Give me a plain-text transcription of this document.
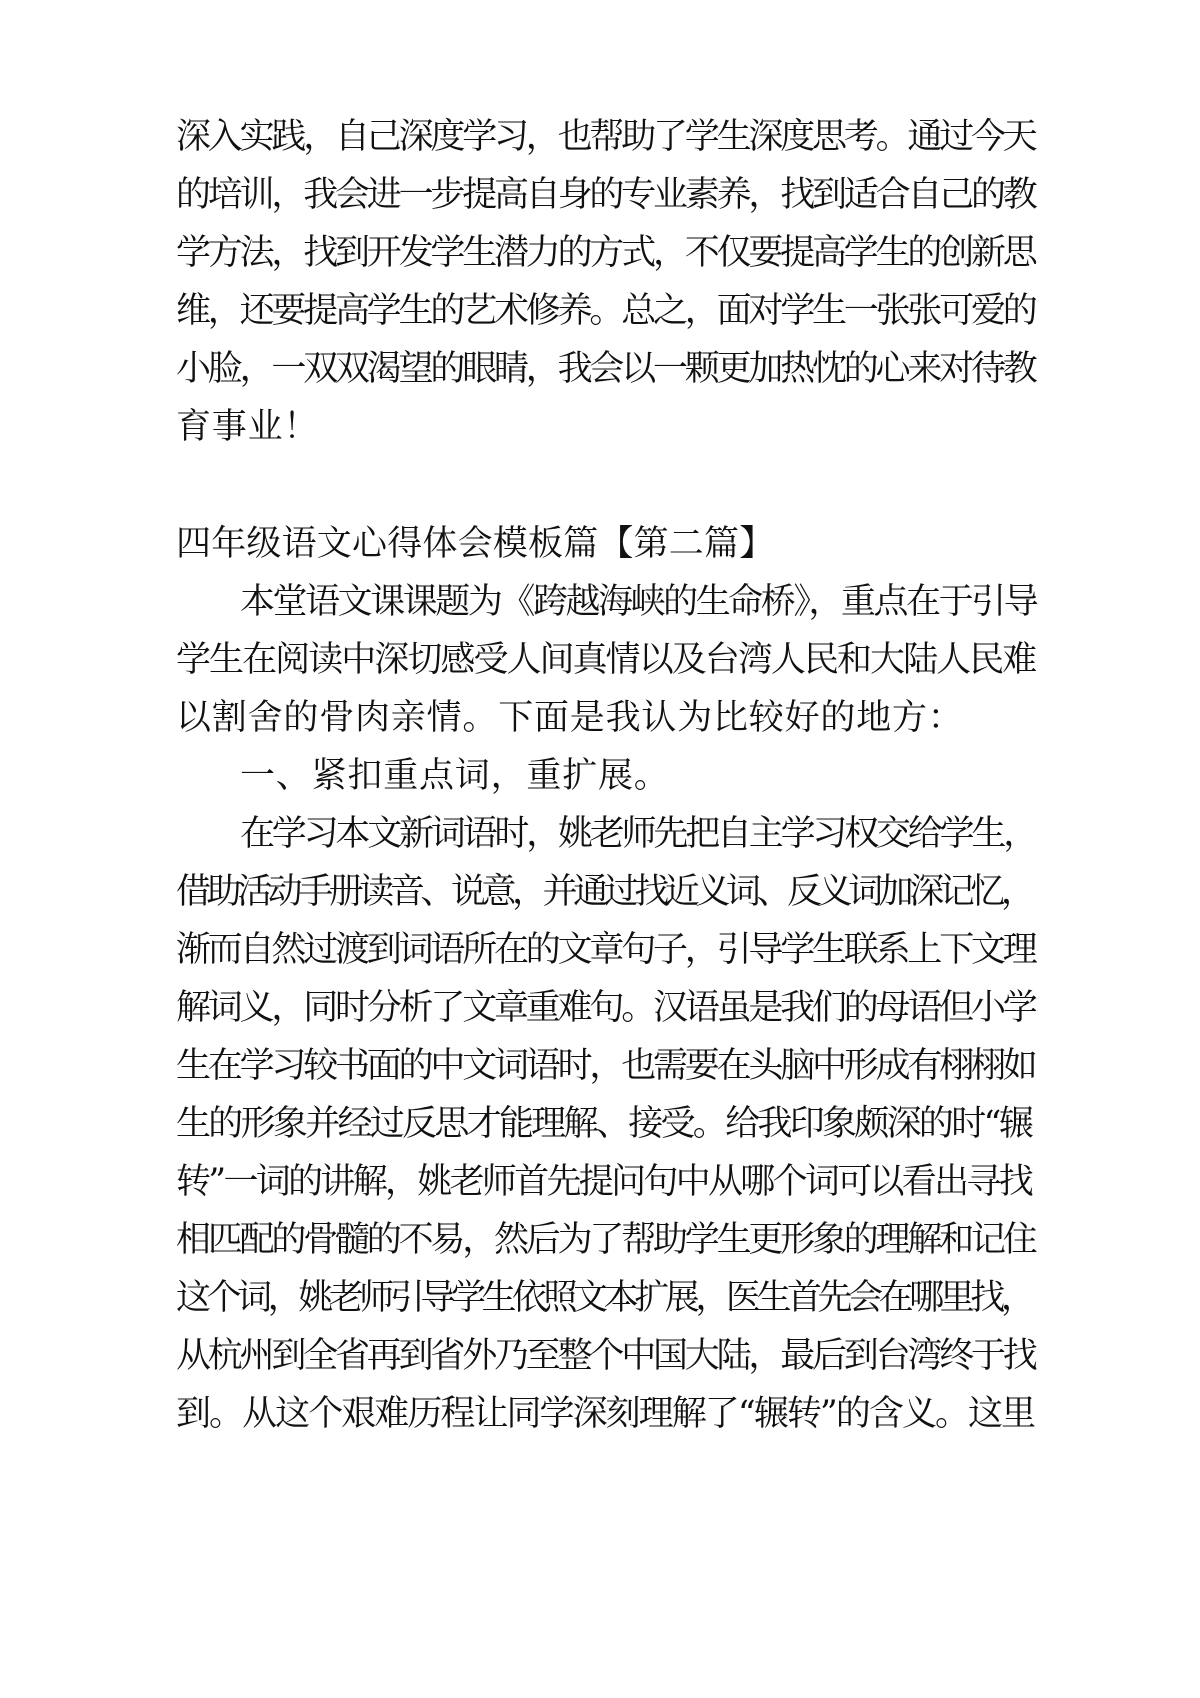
深入实践，自己深度学习，也帮助了学生深度思考。通过今天
的培训，我会进一步提高自身的专业素养，找到适合自己的教
学方法，找到开发学生潜力的方式，不仅要提高学生的创新思
维，还要提高学生的艺术修养。总之，面对学生一张张可爱的
小脸，一双双渴望的眼睛，我会以一颗更加热忱的心来对待教
育事业！
四年级语文心得体会模板篇【第二篇】
本堂语文课课题为《跨越海峡的生命桥》，重点在于引导
学生在阅读中深切感受人间真情以及台湾人民和大陆人民难
以割舍的骨肉亲情。下面是我认为比较好的地方：
一、紧扣重点词，重扩展。
在学习本文新词语时，姚老师先把自主学习权交给学生，
借助活动手册读音、说意，并通过找近义词、反义词加深记忆，
渐而自然过渡到词语所在的文章句子，引导学生联系上下文理
解词义，同时分析了文章重难句。汉语虽是我们的母语但小学
生在学习较书面的中文词语时，也需要在头脑中形成有栩栩如
生的形象并经过反思才能理解、接受。给我印象颇深的时“辗
转”一词的讲解，姚老师首先提问句中从哪个词可以看出寻找
相匹配的骨髓的不易，然后为了帮助学生更形象的理解和记住
这个词，姚老师引导学生依照文本扩展，医生首先会在哪里找，
从杭州到全省再到省外乃至整个中国大陆，最后到台湾终于找
到。从这个艰难历程让同学深刻理解了“辗转”的含义。这里
